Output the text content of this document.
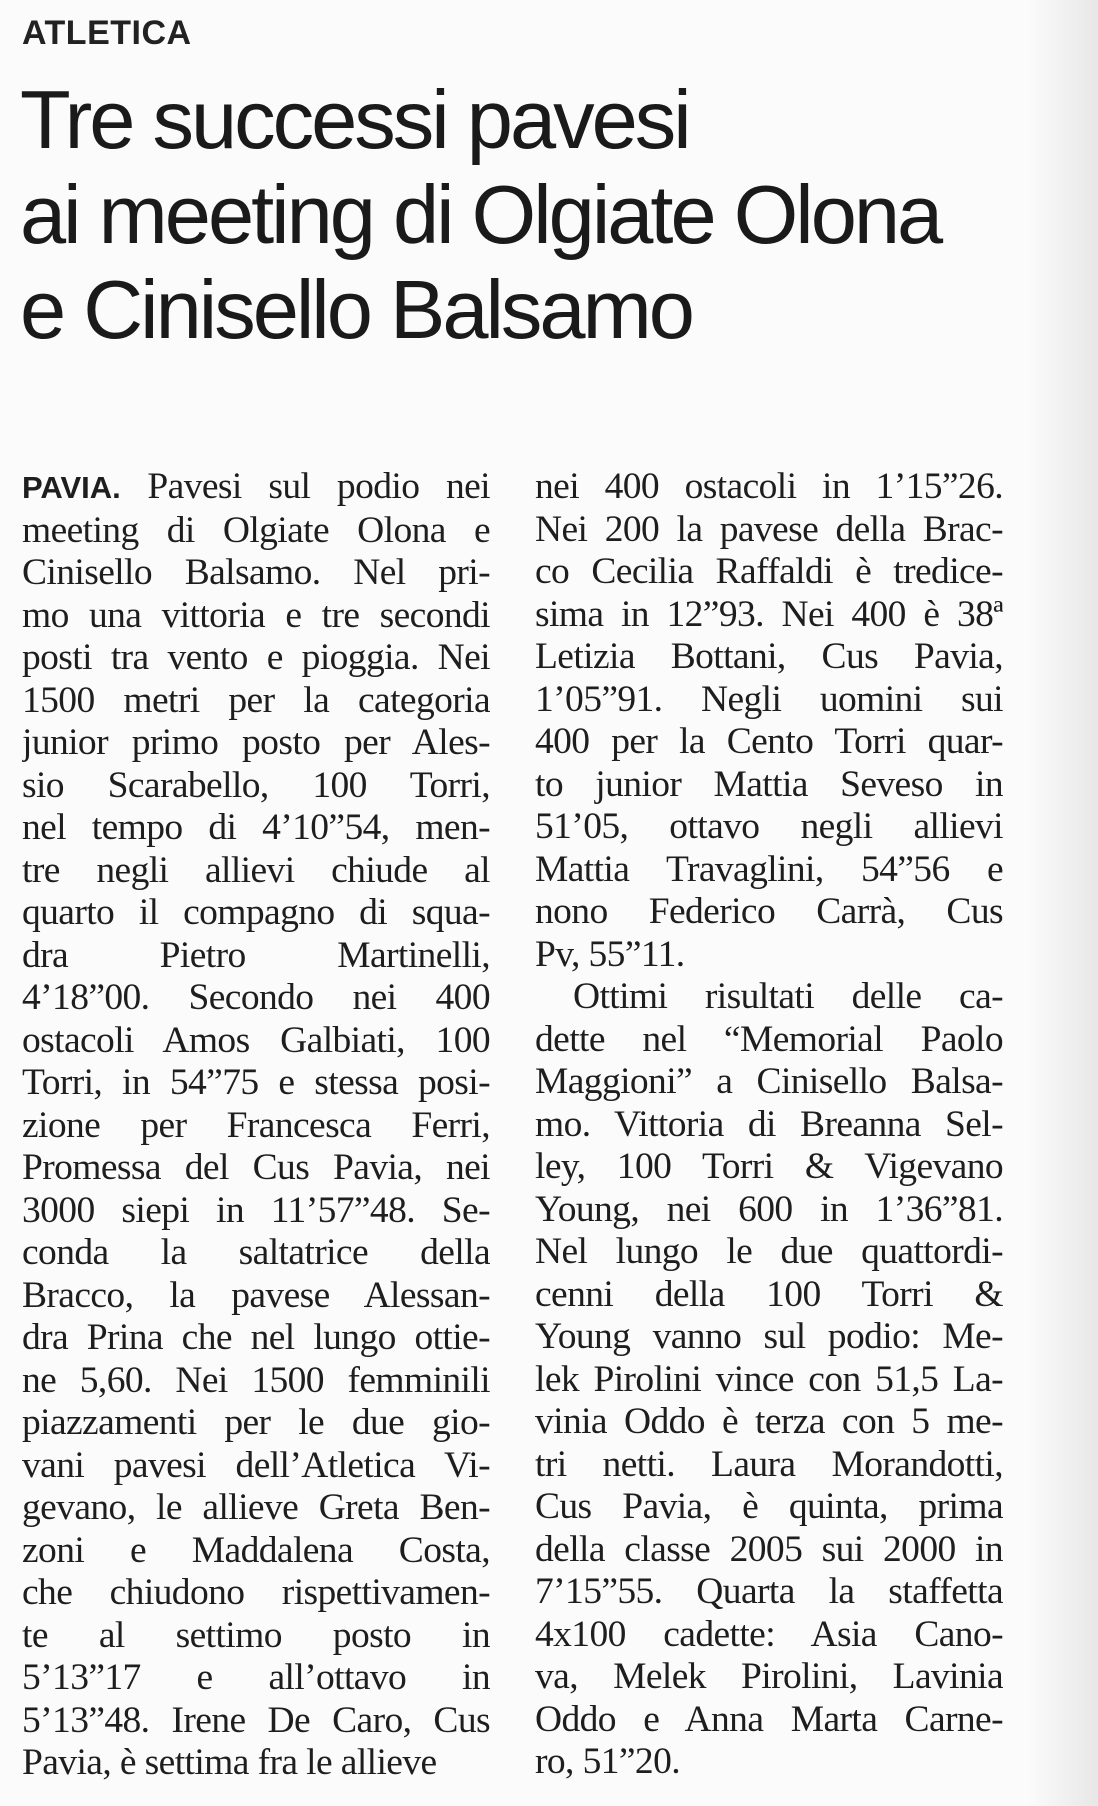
ATLETICA
Tre successi pavesi
ai meeting di Olgiate Olona
e Cinisello Balsamo
PAVIA. Pavesi sul podio nei
meeting di Olgiate Olona e
Cinisello Balsamo. Nel pri-
mo una vittoria e tre secondi
posti tra vento e pioggia. Nei
1500 metri per la categoria
junior primo posto per Ales-
sio Scarabello, 100 Torri,
nel tempo di 4’10”54, men-
tre negli allievi chiude al
quarto il compagno di squa-
dra Pietro Martinelli,
4’18”00. Secondo nei 400
ostacoli Amos Galbiati, 100
Torri, in 54”75 e stessa posi-
zione per Francesca Ferri,
Promessa del Cus Pavia, nei
3000 siepi in 11’57”48. Se-
conda la saltatrice della
Bracco, la pavese Alessan-
dra Prina che nel lungo ottie-
ne 5,60. Nei 1500 femminili
piazzamenti per le due gio-
vani pavesi dell’Atletica Vi-
gevano, le allieve Greta Ben-
zoni e Maddalena Costa,
che chiudono rispettivamen-
te al settimo posto in
5’13”17 e all’ottavo in
5’13”48. Irene De Caro, Cus
Pavia, è settima fra le allieve
nei 400 ostacoli in 1’15”26.
Nei 200 la pavese della Brac-
co Cecilia Raffaldi è tredice-
sima in 12”93. Nei 400 è 38ª
Letizia Bottani, Cus Pavia,
1’05”91. Negli uomini sui
400 per la Cento Torri quar-
to junior Mattia Seveso in
51’05, ottavo negli allievi
Mattia Travaglini, 54”56 e
nono Federico Carrà, Cus
Pv, 55”11.
Ottimi risultati delle ca-
dette nel “Memorial Paolo
Maggioni” a Cinisello Balsa-
mo. Vittoria di Breanna Sel-
ley, 100 Torri & Vigevano
Young, nei 600 in 1’36”81.
Nel lungo le due quattordi-
cenni della 100 Torri &
Young vanno sul podio: Me-
lek Pirolini vince con 51,5 La-
vinia Oddo è terza con 5 me-
tri netti. Laura Morandotti,
Cus Pavia, è quinta, prima
della classe 2005 sui 2000 in
7’15”55. Quarta la staffetta
4x100 cadette: Asia Cano-
va, Melek Pirolini, Lavinia
Oddo e Anna Marta Carne-
ro, 51”20.
